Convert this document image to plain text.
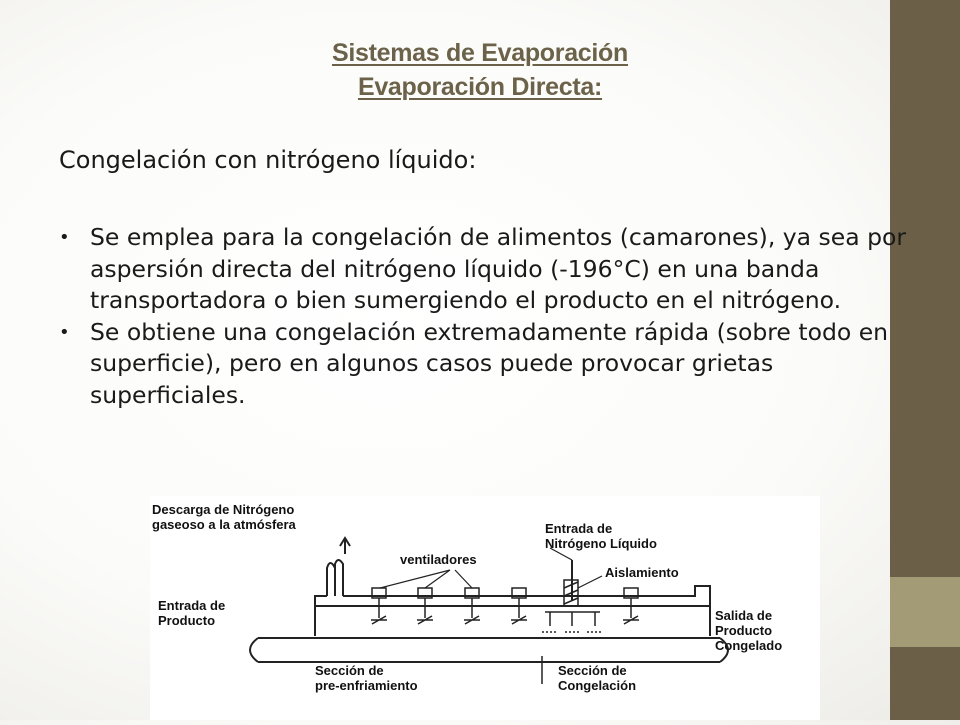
Sistemas de Evaporación
Evaporación Directa:
Congelación con nitrógeno líquido:
• Se emplea para la congelación de alimentos (camarones), ya sea por aspersión directa del nitrógeno líquido (-196°C) en una banda transportadora o bien sumergiendo el producto en el nitrógeno.
• Se obtiene una congelación extremadamente rápida (sobre todo en superficie), pero en algunos casos puede provocar grietas superficiales.
Descarga de Nitrógeno
gaseoso a la atmósfera	Entrada de
Nitrógeno Líquido
ventiladores
Aislamiento
Entrada de
Producto	Salida de
Producto
Congelado
Sección de
pre-enfriamiento
Sección de
Congelación
